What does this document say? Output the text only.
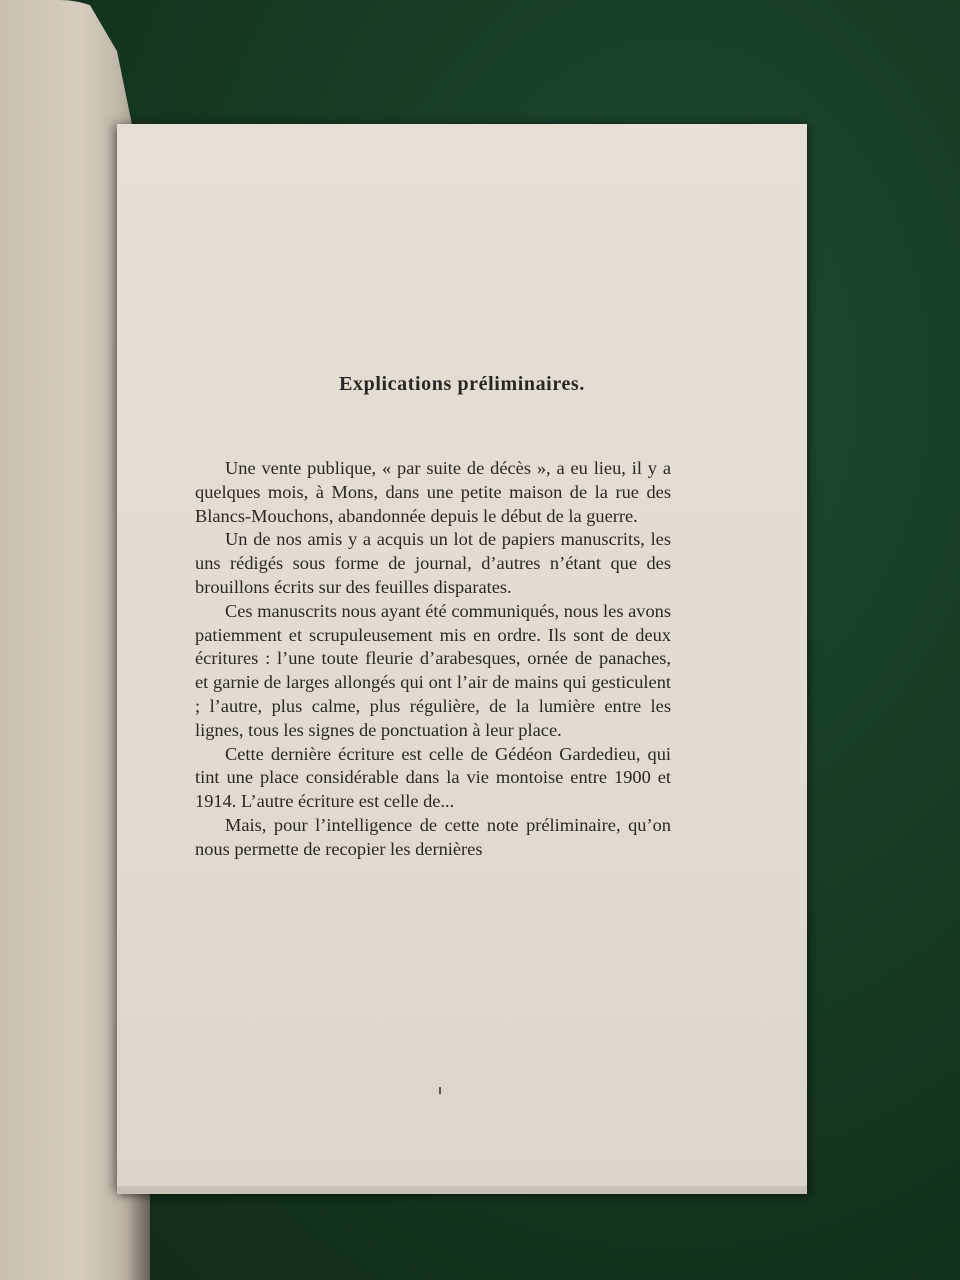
Explications préliminaires.

Une vente publique, « par suite de décès », a eu lieu, il y a quelques mois, à Mons, dans une petite maison de la rue des Blancs-Mouchons, abandonnée depuis le début de la guerre.

Un de nos amis y a acquis un lot de papiers manuscrits, les uns rédigés sous forme de journal, d’autres n’étant que des brouillons écrits sur des feuilles disparates.

Ces manuscrits nous ayant été communiqués, nous les avons patiemment et scrupuleusement mis en ordre. Ils sont de deux écritures : l’une toute fleurie d’arabesques, ornée de panaches, et garnie de larges allongés qui ont l’air de mains qui gesticulent ; l’autre, plus calme, plus régulière, de la lumière entre les lignes, tous les signes de ponctuation à leur place.

Cette dernière écriture est celle de Gédéon Gardedieu, qui tint une place considérable dans la vie montoise entre 1900 et 1914. L’autre écriture est celle de...

Mais, pour l’intelligence de cette note préliminaire, qu’on nous permette de recopier les dernières
